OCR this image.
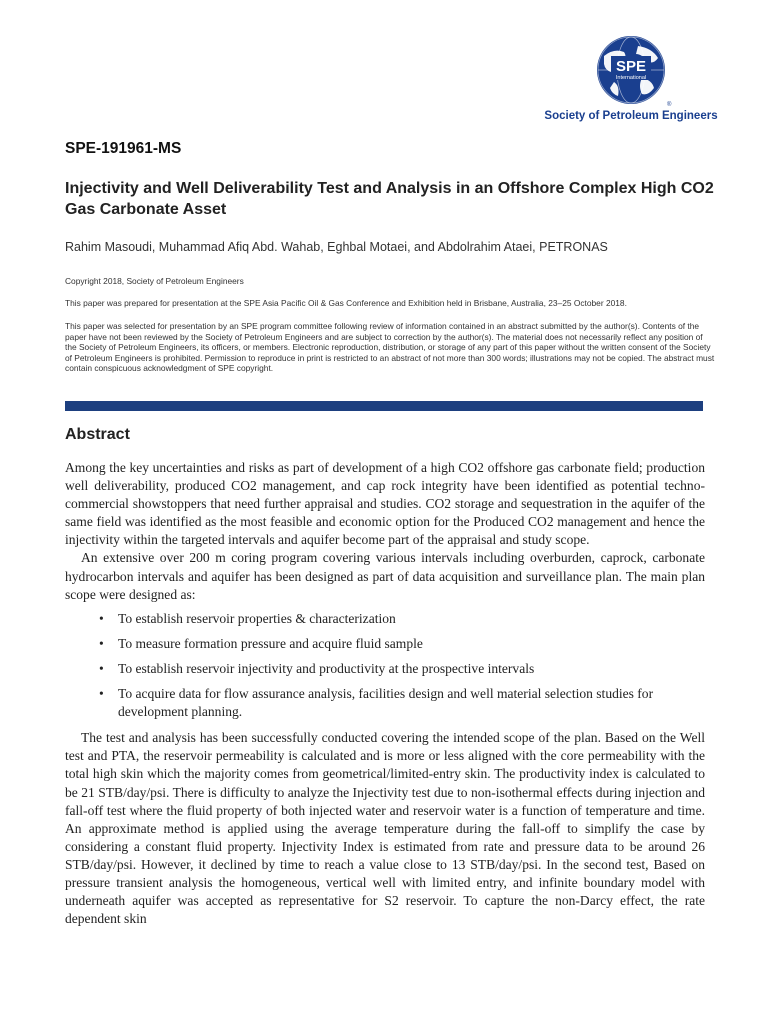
SPE
International
®
Society of Petroleum Engineers
SPE-191961-MS
Injectivity and Well Deliverability Test and Analysis in an Offshore Complex High CO2 Gas Carbonate Asset
Rahim Masoudi, Muhammad Afiq Abd. Wahab, Eghbal Motaei, and Abdolrahim Ataei, PETRONAS

Copyright 2018, Society of Petroleum Engineers

This paper was prepared for presentation at the SPE Asia Pacific Oil & Gas Conference and Exhibition held in Brisbane, Australia, 23–25 October 2018.

This paper was selected for presentation by an SPE program committee following review of information contained in an abstract submitted by the author(s). Contents of the paper have not been reviewed by the Society of Petroleum Engineers and are subject to correction by the author(s). The material does not necessarily reflect any position of the Society of Petroleum Engineers, its officers, or members. Electronic reproduction, distribution, or storage of any part of this paper without the written consent of the Society of Petroleum Engineers is prohibited. Permission to reproduce in print is restricted to an abstract of not more than 300 words; illustrations may not be copied. The abstract must contain conspicuous acknowledgment of SPE copyright.

Abstract

Among the key uncertainties and risks as part of development of a high CO2 offshore gas carbonate field; production well deliverability, produced CO2 management, and cap rock integrity have been identified as potential techno-commercial showstoppers that need further appraisal and studies. CO2 storage and sequestration in the aquifer of the same field was identified as the most feasible and economic option for the Produced CO2 management and hence the injectivity within the targeted intervals and aquifer become part of the appraisal and study scope.

An extensive over 200 m coring program covering various intervals including overburden, caprock, carbonate hydrocarbon intervals and aquifer has been designed as part of data acquisition and surveillance plan. The main plan scope were designed as:

• To establish reservoir properties & characterization
• To measure formation pressure and acquire fluid sample
• To establish reservoir injectivity and productivity at the prospective intervals
• To acquire data for flow assurance analysis, facilities design and well material selection studies for development planning.

The test and analysis has been successfully conducted covering the intended scope of the plan. Based on the Well test and PTA, the reservoir permeability is calculated and is more or less aligned with the core permeability with the total high skin which the majority comes from geometrical/limited-entry skin. The productivity index is calculated to be 21 STB/day/psi. There is difficulty to analyze the Injectivity test due to non-isothermal effects during injection and fall-off test where the fluid property of both injected water and reservoir water is a function of temperature and time. An approximate method is applied using the average temperature during the fall-off to simplify the case by considering a constant fluid property. Injectivity Index is estimated from rate and pressure data to be around 26 STB/day/psi. However, it declined by time to reach a value close to 13 STB/day/psi. In the second test, Based on pressure transient analysis the homogeneous, vertical well with limited entry, and infinite boundary model with underneath aquifer was accepted as representative for S2 reservoir. To capture the non-Darcy effect, the rate dependent skin
